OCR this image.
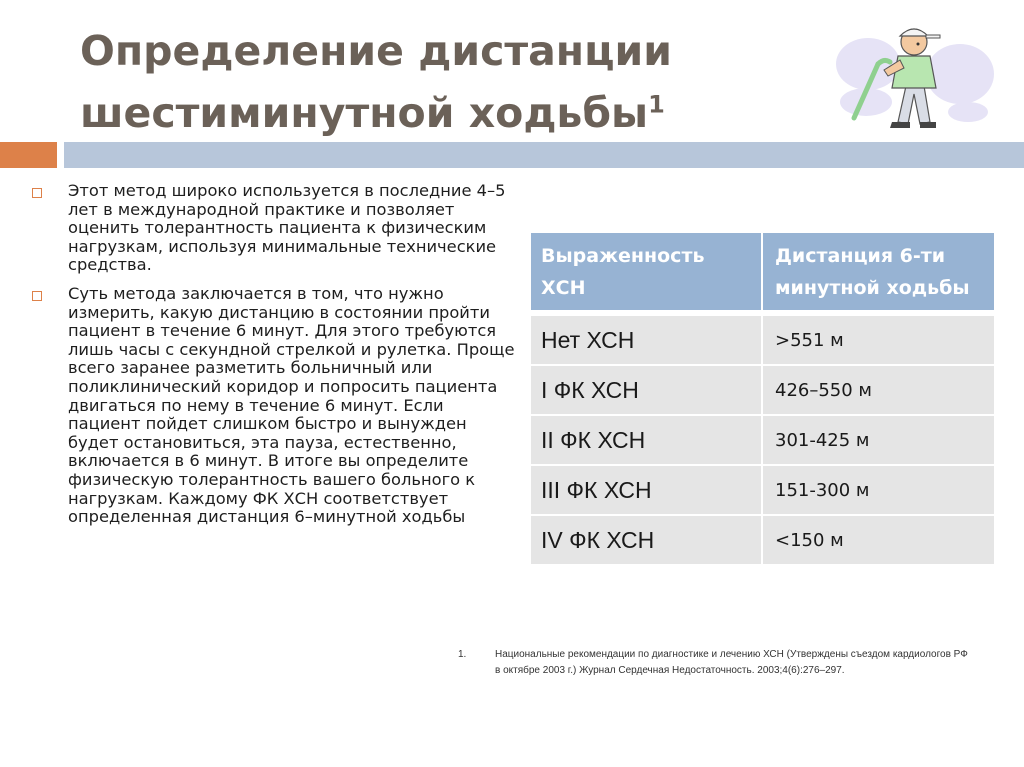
Определение дистанции
шестиминутной ходьбы$^1$
Этот метод широко используется в последние 4–5 лет в международной практике и позволяет оценить толерантность пациента к физическим нагрузкам, используя минимальные технические средства.
Суть метода заключается в том, что нужно измерить, какую дистанцию в состоянии пройти пациент в течение 6 минут. Для этого требуются лишь часы с секундной стрелкой и рулетка. Проще всего заранее разметить больничный или поликлинический коридор и попросить пациента двигаться по нему в течение 6 минут. Если пациент пойдет слишком быстро и вынужден будет остановиться, эта пауза, естественно, включается в 6 минут. В итоге вы определите физическую толерантность вашего больного к нагрузкам. Каждому ФК ХСН соответствует определенная дистанция 6–минутной ходьбы
Выраженность ХСН	Дистанция 6-ти минутной ходьбы

Нет ХСН	>551 м
I ФК ХСН	426–550 м
II ФК ХСН	301-425 м
III ФК ХСН	151-300 м
IV ФК ХСН	<150 м
1.	Национальные рекомендации по диагностике и лечению ХСН (Утверждены съездом кардиологов РФ в октябре 2003 г.) Журнал Сердечная Недостаточность. 2003;4(6):276–297.
